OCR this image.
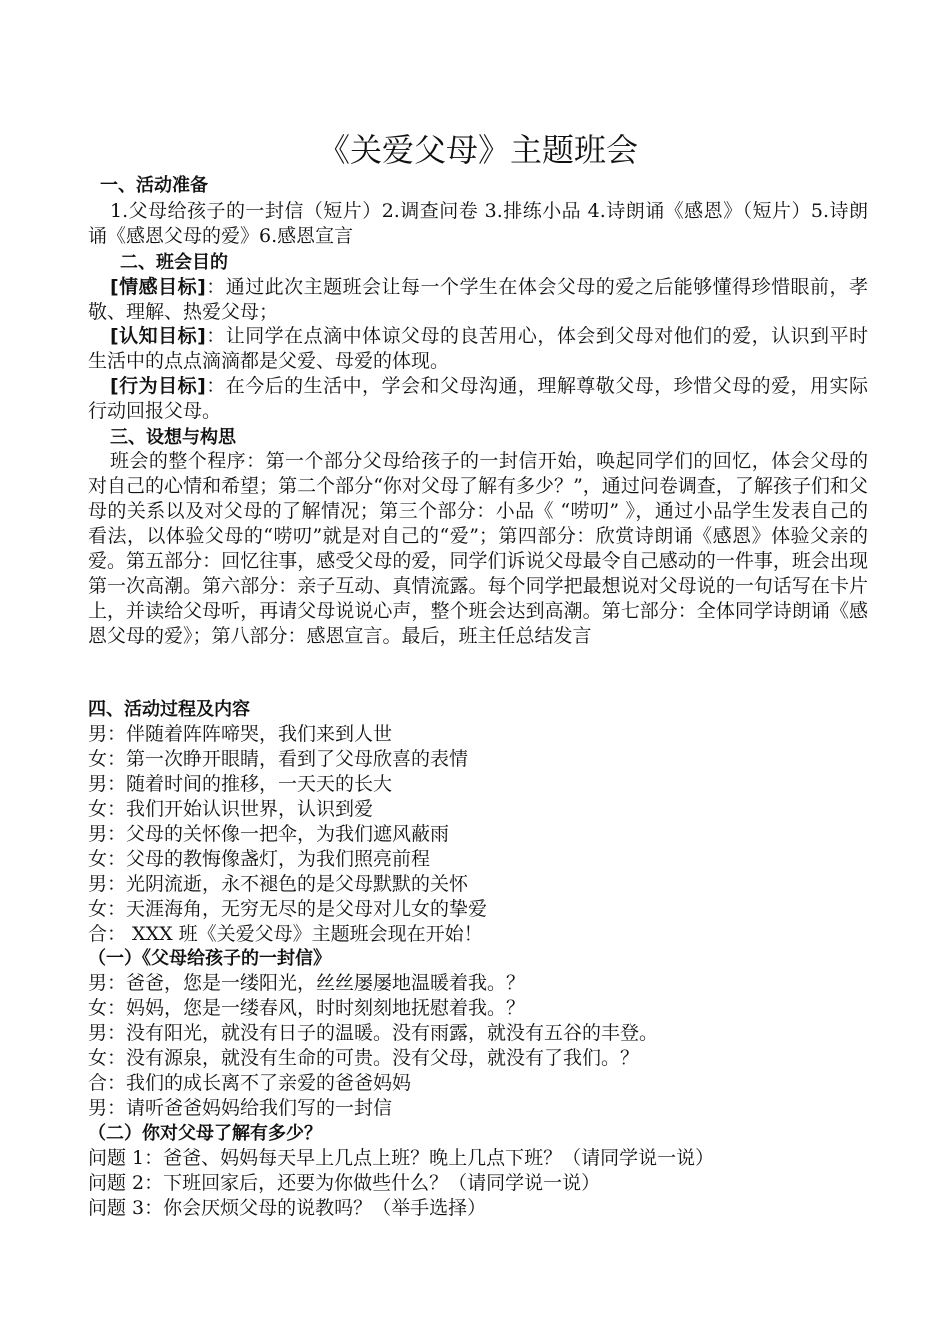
《关爱父母》主题班会
一、活动准备
1.父母给孩子的一封信（短片）2.调查问卷 3.排练小品 4.诗朗诵《感恩》（短片）5.诗朗诵《感恩父母的爱》6.感恩宣言
二、班会目的
[情感目标]：通过此次主题班会让每一个学生在体会父母的爱之后能够懂得珍惜眼前，孝敬、理解、热爱父母；
[认知目标]：让同学在点滴中体谅父母的良苦用心，体会到父母对他们的爱，认识到平时生活中的点点滴滴都是父爱、母爱的体现。
[行为目标]：在今后的生活中，学会和父母沟通，理解尊敬父母，珍惜父母的爱，用实际行动回报父母。
三、设想与构思
班会的整个程序：第一个部分父母给孩子的一封信开始，唤起同学们的回忆，体会父母的对自己的心情和希望；第二个部分“你对父母了解有多少？”，通过问卷调查，了解孩子们和父母的关系以及对父母的了解情况；第三个部分：小品《 “唠叨” 》，通过小品学生发表自己的看法，以体验父母的“唠叨”就是对自己的“爱”；第四部分：欣赏诗朗诵《感恩》体验父亲的爱。第五部分：回忆往事，感受父母的爱，同学们诉说父母最令自己感动的一件事，班会出现第一次高潮。第六部分：亲子互动、真情流露。每个同学把最想说对父母说的一句话写在卡片上，并读给父母听，再请父母说说心声，整个班会达到高潮。第七部分：全体同学诗朗诵《感恩父母的爱》；第八部分：感恩宣言。最后，班主任总结发言
四、活动过程及内容
男：伴随着阵阵啼哭，我们来到人世
女：第一次睁开眼睛，看到了父母欣喜的表情
男：随着时间的推移，一天天的长大
女：我们开始认识世界，认识到爱
男：父母的关怀像一把伞，为我们遮风蔽雨
女：父母的教悔像盏灯，为我们照亮前程
男：光阴流逝，永不褪色的是父母默默的关怀
女：天涯海角，无穷无尽的是父母对儿女的挚爱
合： XXX 班《关爱父母》主题班会现在开始！
（一）《父母给孩子的一封信》
男：爸爸，您是一缕阳光，丝丝屡屡地温暖着我。？
女：妈妈，您是一缕春风，时时刻刻地抚慰着我。？
男：没有阳光，就没有日子的温暖。没有雨露，就没有五谷的丰登。
女：没有源泉，就没有生命的可贵。没有父母，就没有了我们。？
合：我们的成长离不了亲爱的爸爸妈妈
男：请听爸爸妈妈给我们写的一封信
（二）你对父母了解有多少？
问题 1：爸爸、妈妈每天早上几点上班？晚上几点下班？（请同学说一说）
问题 2：下班回家后，还要为你做些什么？（请同学说一说）
问题 3：你会厌烦父母的说教吗？（举手选择）
